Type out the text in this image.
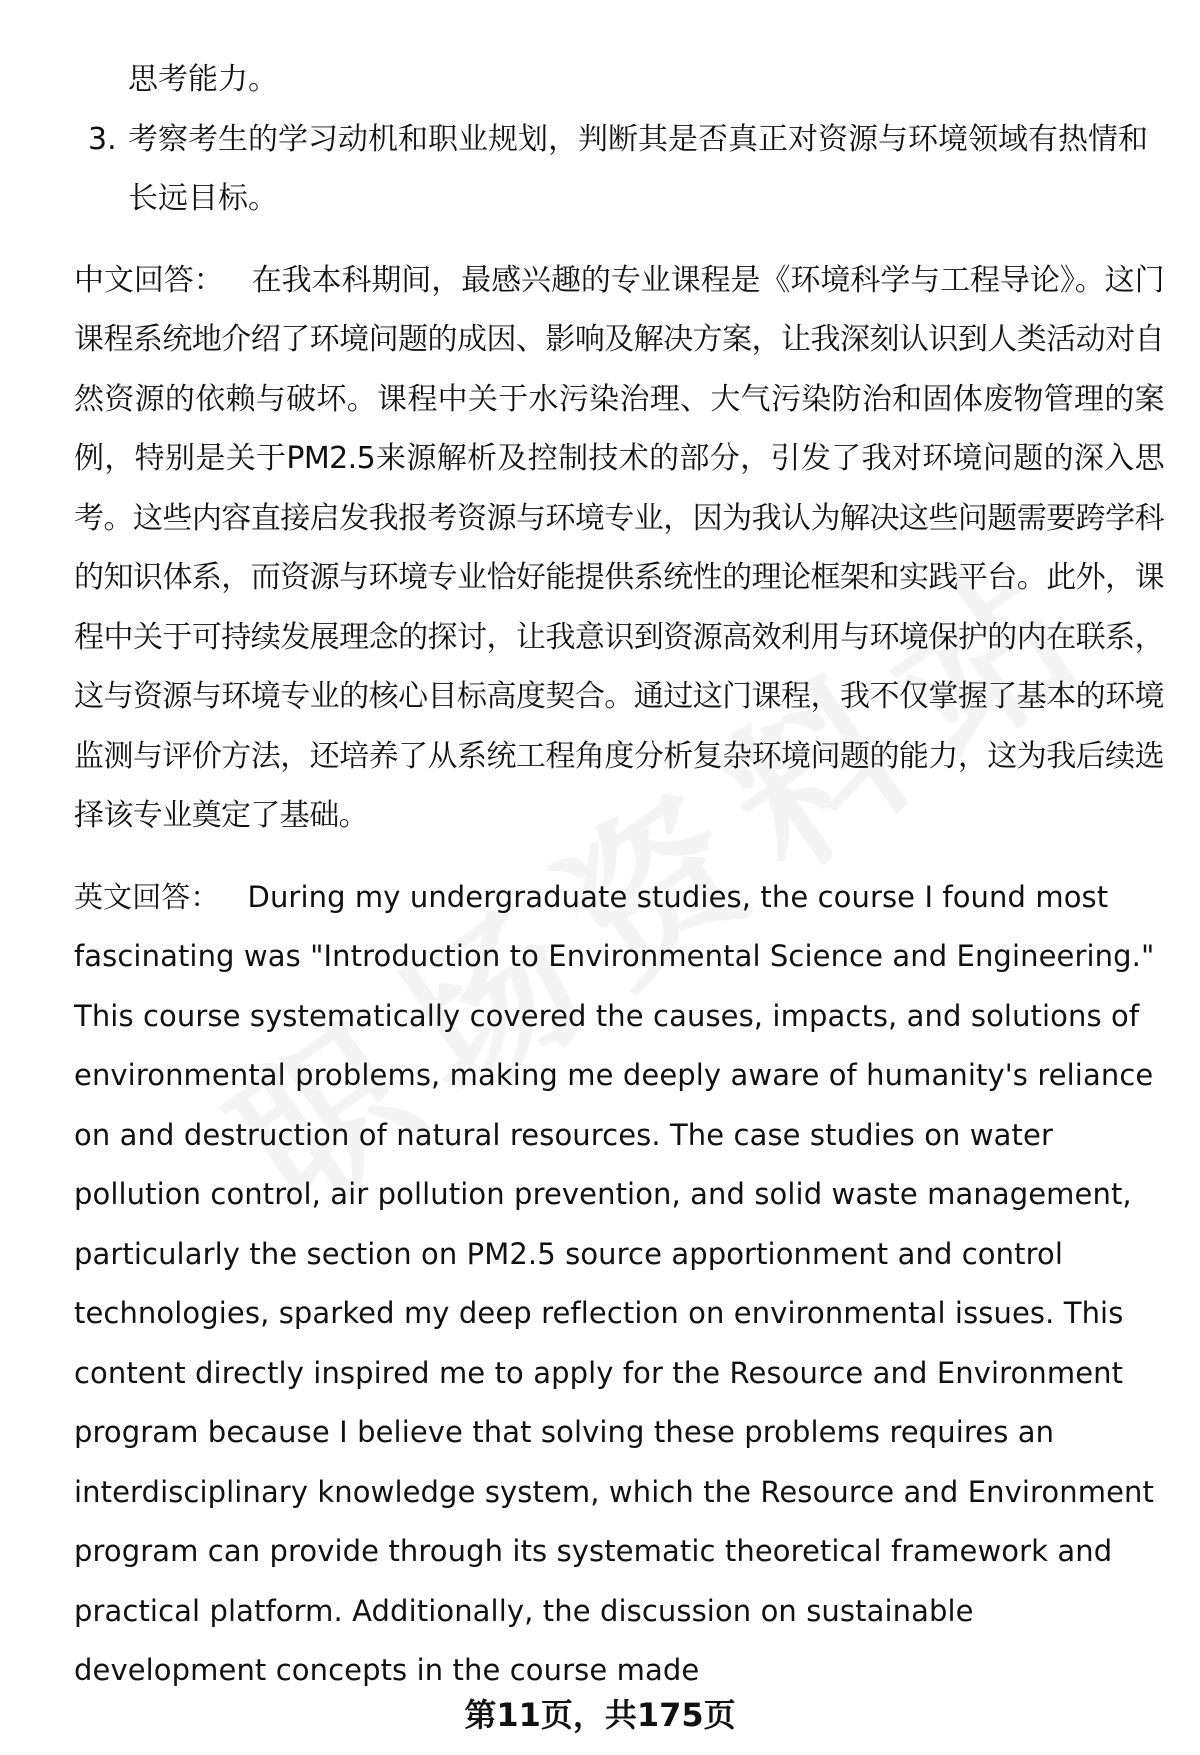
思考能力。

3. 考察考生的学习动机和职业规划，判断其是否真正对资源与环境领域有热情和长远目标。

中文回答： 在我本科期间，最感兴趣的专业课程是《环境科学与工程导论》。这门课程系统地介绍了环境问题的成因、影响及解决方案，让我深刻认识到人类活动对自然资源的依赖与破坏。课程中关于水污染治理、大气污染防治和固体废物管理的案例，特别是关于PM2.5来源解析及控制技术的部分，引发了我对环境问题的深入思考。这些内容直接启发我报考资源与环境专业，因为我认为解决这些问题需要跨学科的知识体系，而资源与环境专业恰好能提供系统性的理论框架和实践平台。此外，课程中关于可持续发展理念的探讨，让我意识到资源高效利用与环境保护的内在联系，这与资源与环境专业的核心目标高度契合。通过这门课程，我不仅掌握了基本的环境监测与评价方法，还培养了从系统工程角度分析复杂环境问题的能力，这为我后续选择该专业奠定了基础。

英文回答： During my undergraduate studies, the course I found most fascinating was "Introduction to Environmental Science and Engineering." This course systematically covered the causes, impacts, and solutions of environmental problems, making me deeply aware of humanity's reliance on and destruction of natural resources. The case studies on water pollution control, air pollution prevention, and solid waste management, particularly the section on PM2.5 source apportionment and control technologies, sparked my deep reflection on environmental issues. This content directly inspired me to apply for the Resource and Environment program because I believe that solving these problems requires an interdisciplinary knowledge system, which the Resource and Environment program can provide through its systematic theoretical framework and practical platform. Additionally, the discussion on sustainable development concepts in the course made

第11页，共175页
